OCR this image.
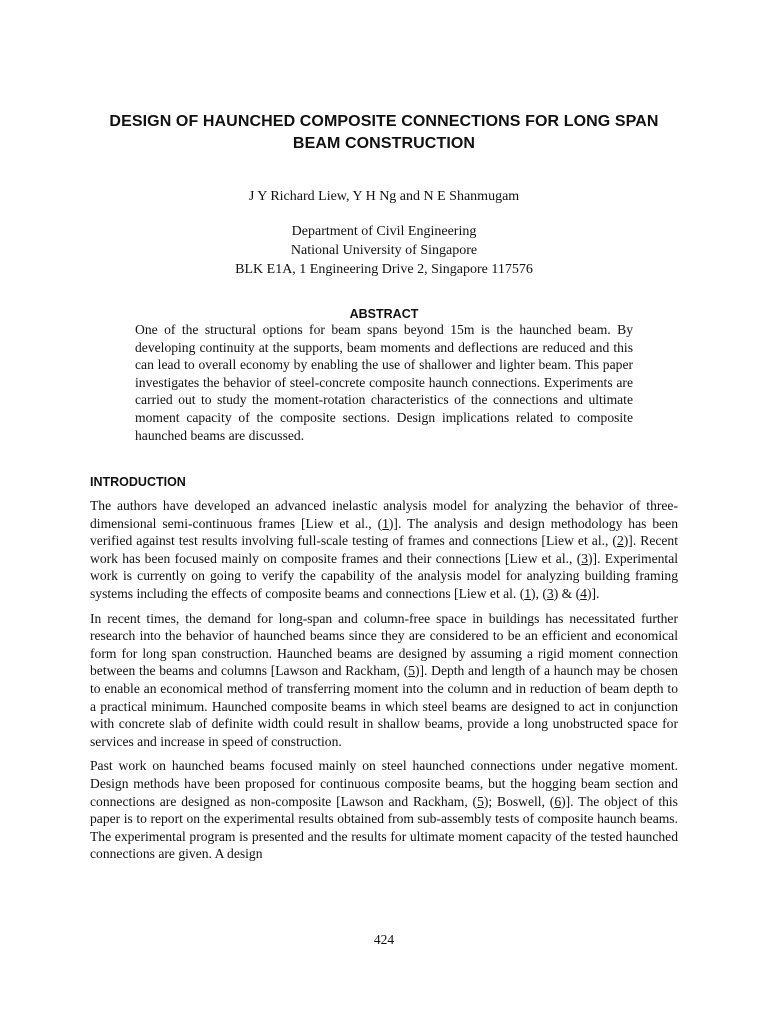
DESIGN OF HAUNCHED COMPOSITE CONNECTIONS FOR LONG SPAN BEAM CONSTRUCTION
J Y Richard Liew, Y H Ng and N E Shanmugam
Department of Civil Engineering
National University of Singapore
BLK E1A, 1 Engineering Drive 2, Singapore 117576
ABSTRACT
One of the structural options for beam spans beyond 15m is the haunched beam. By developing continuity at the supports, beam moments and deflections are reduced and this can lead to overall economy by enabling the use of shallower and lighter beam. This paper investigates the behavior of steel-concrete composite haunch connections. Experiments are carried out to study the moment-rotation characteristics of the connections and ultimate moment capacity of the composite sections. Design implications related to composite haunched beams are discussed.
INTRODUCTION

The authors have developed an advanced inelastic analysis model for analyzing the behavior of three-dimensional semi-continuous frames [Liew et al., (1)]. The analysis and design methodology has been verified against test results involving full-scale testing of frames and connections [Liew et al., (2)]. Recent work has been focused mainly on composite frames and their connections [Liew et al., (3)]. Experimental work is currently on going to verify the capability of the analysis model for analyzing building framing systems including the effects of composite beams and connections [Liew et al. (1), (3) & (4)].

In recent times, the demand for long-span and column-free space in buildings has necessitated further research into the behavior of haunched beams since they are considered to be an efficient and economical form for long span construction. Haunched beams are designed by assuming a rigid moment connection between the beams and columns [Lawson and Rackham, (5)]. Depth and length of a haunch may be chosen to enable an economical method of transferring moment into the column and in reduction of beam depth to a practical minimum. Haunched composite beams in which steel beams are designed to act in conjunction with concrete slab of definite width could result in shallow beams, provide a long unobstructed space for services and increase in speed of construction.

Past work on haunched beams focused mainly on steel haunched connections under negative moment. Design methods have been proposed for continuous composite beams, but the hogging beam section and connections are designed as non-composite [Lawson and Rackham, (5); Boswell, (6)]. The object of this paper is to report on the experimental results obtained from sub-assembly tests of composite haunch beams. The experimental program is presented and the results for ultimate moment capacity of the tested haunched connections are given. A design

424
